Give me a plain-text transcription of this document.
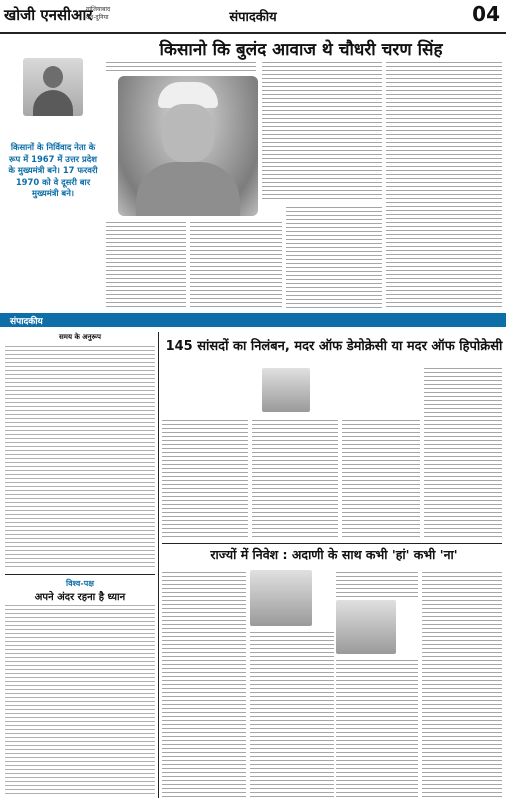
खोजी एनसीआर
गाजियाबाद
देश-दुनिया	संपादकीय	04
किसानो कि बुलंद आवाज थे चौधरी चरण सिंह
किसानों के निर्विवाद नेता के रूप में 1967 में उत्तर प्रदेश के मुख्यमंत्री बने। 17 फरवरी 1970 को वे दूसरी बार मुख्यमंत्री बने।
संपादकीय
समय के अनुरूप
विश्व-पक्ष
अपने अंदर रहना है ध्यान
145 सांसदों का निलंबन, मदर ऑफ डेमोक्रेसी या मदर ऑफ हिपोक्रेसी
राज्यों में निवेश : अदाणी के साथ कभी 'हां' कभी 'ना'
